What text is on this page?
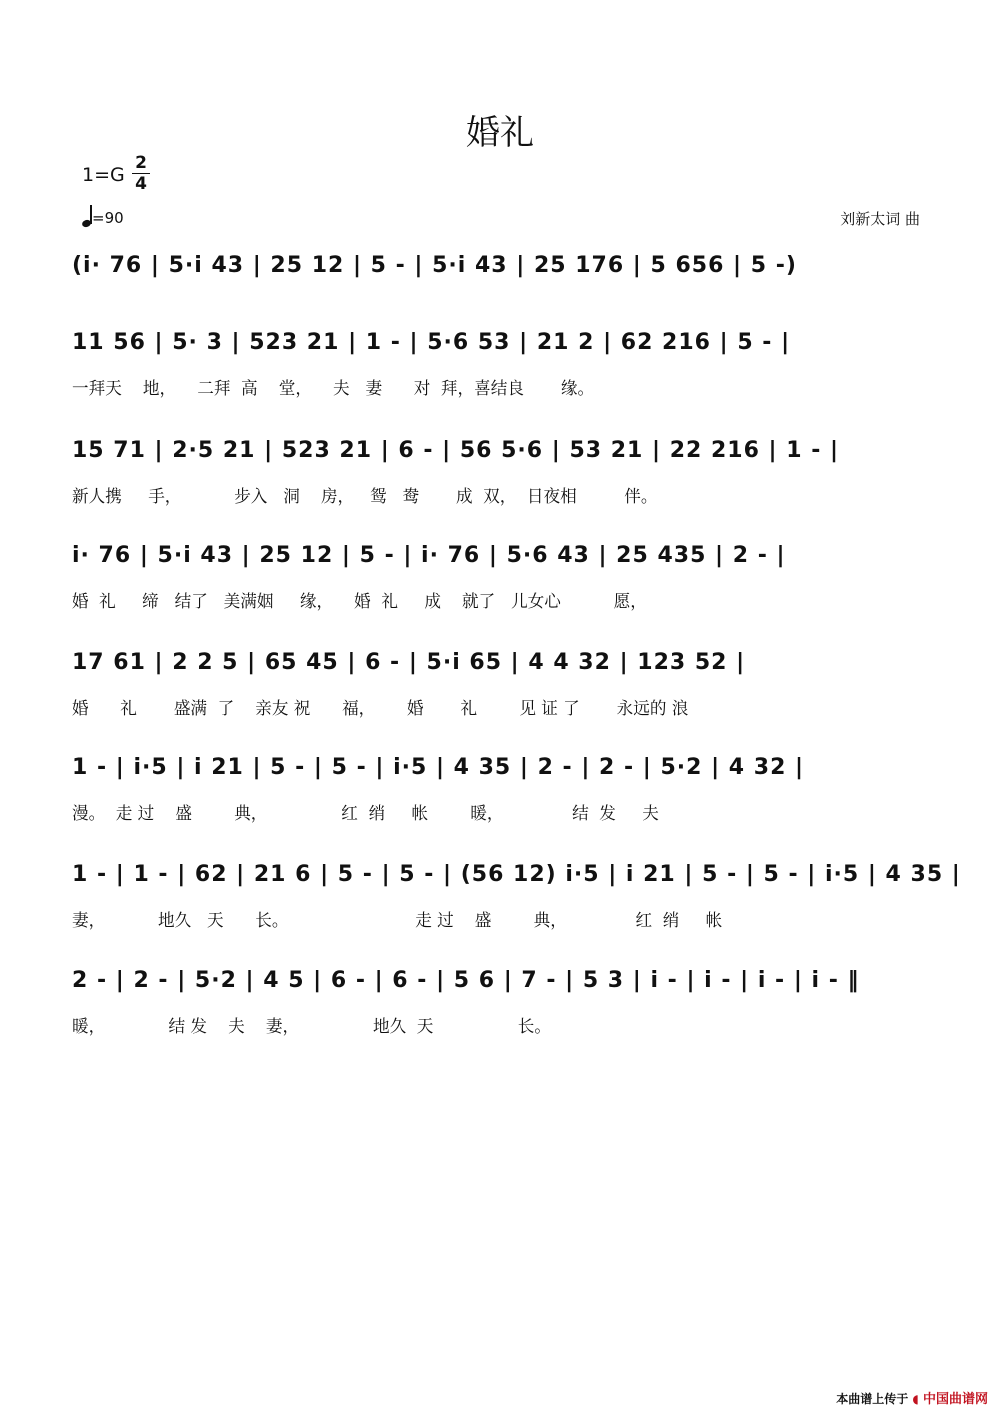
婚礼
1=G
2
4
=90	刘新太词 曲
(i· 76 | 5·i 43 | 25 12 | 5 - | 5·i 43 | 25 176 | 5 656 | 5 -)
11 56 | 5· 3 | 523 21 | 1 - | 5·6 53 | 21 2 | 62 216 | 5 - |
一拜天    地，    二拜  高    堂，    夫   妻      对  拜，喜结良       缘。
15 71 | 2·5 21 | 523 21 | 6 - | 56 5·6 | 53 21 | 22 216 | 1 - |
新人携     手，          步入   洞    房，   鸳   鸯       成  双，  日夜相         伴。
i· 76 | 5·i 43 | 25 12 | 5 - | i· 76 | 5·6 43 | 25 435 | 2 - |
婚  礼     缔   结了   美满姻     缘，    婚  礼     成    就了   儿女心          愿，
17 61 | 2 2 5 | 65 45 | 6 - | 5·i 65 | 4 4 32 | 123 52 |
婚      礼       盛满  了    亲友 祝      福，      婚       礼        见 证 了       永远的 浪
1 - | i·5 | i 21 | 5 - | 5 - | i·5 | 4 35 | 2 - | 2 - | 5·2 | 4 32 |
漫。  走 过    盛        典，              红  绡     帐        暖，             结  发     夫
1 - | 1 - | 62 | 21 6 | 5 - | 5 - | (56 12) i·5 | i 21 | 5 - | 5 - | i·5 | 4 35 |
妻，          地久   天      长。                        走 过    盛        典，             红  绡     帐
2 - | 2 - | 5·2 | 4 5 | 6 - | 6 - | 5 6 | 7 - | 5 3 | i - | i - | i - | i - ‖
暖，            结 发    夫    妻，              地久  天                长。
本曲谱上传于 ◖ 中国曲谱网
